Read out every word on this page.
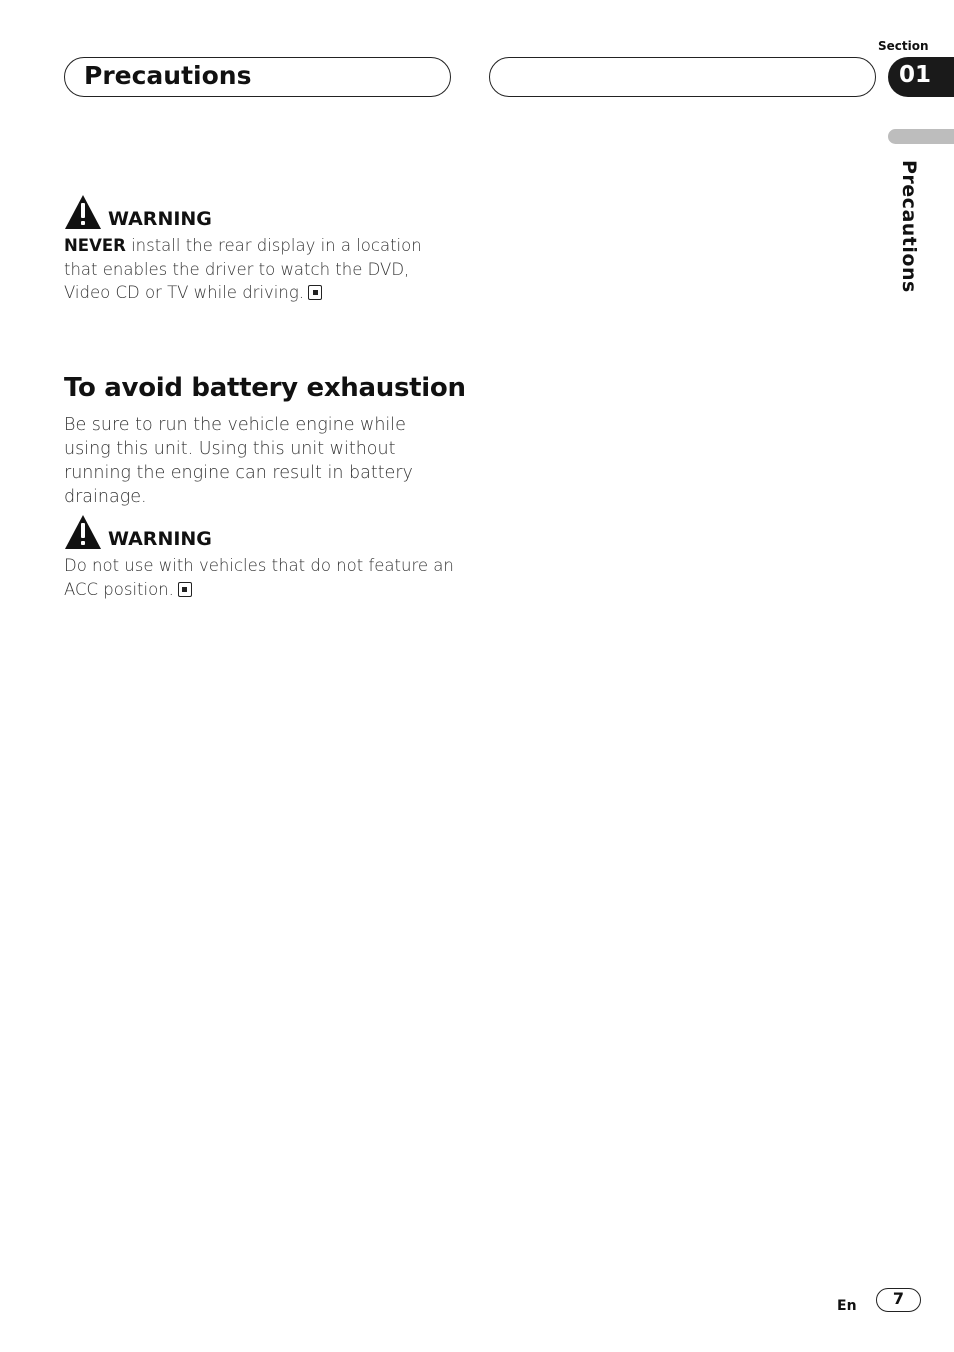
Precautions
Section
01
Precautions
WARNING

NEVER install the rear display in a location that enables the driver to watch the DVD, Video CD or TV while driving.

To avoid battery exhaustion

Be sure to run the vehicle engine while using this unit. Using this unit without running the engine can result in battery drainage.

WARNING

Do not use with vehicles that do not feature an ACC position.

En	7
